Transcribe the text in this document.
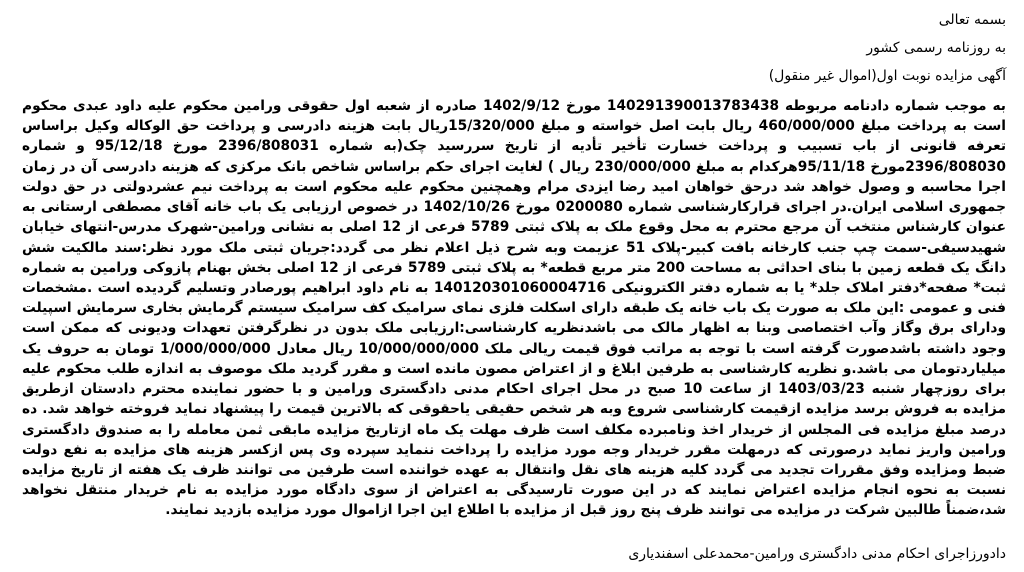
بسمه تعالی
به روزنامه رسمی کشور
آگهی مزایده نوبت اول(اموال غیر منقول)
به موجب شماره دادنامه مربوطه 140291390013783438 مورخ 1402/9/12 صادره از شعبه اول حقوقی ورامین محکوم علیه داود عبدی محکوم است به پرداخت مبلغ 460/000/000 ریال بابت اصل خواسته و مبلغ 15/320/000ریال بابت هزینه دادرسی و پرداخت حق الوکاله وکیل براساس تعرفه قانونی از باب تسبیب و پرداخت خسارت تأخیر تأدیه از تاریخ سررسید چک(به شماره 2396/808031 مورخ 95/12/18 و شماره 2396/808030مورخ 95/11/18هرکدام به مبلغ 230/000/000 ریال ) لغایت اجرای حکم براساس شاخص بانک مرکزی که هزینه دادرسی آن در زمان اجرا محاسبه و وصول خواهد شد درحق خواهان امید رضا ایزدی مرام وهمچنین محکوم علیه محکوم است به پرداخت نیم عشردولتی در حق دولت جمهوری اسلامی ایران.در اجرای قرارکارشناسی شماره 0200080 مورخ 1402/10/26 در خصوص ارزیابی یک باب خانه آقای مصطفی ارستانی به عنوان کارشناس منتخب آن مرجع محترم به محل وقوع ملک به پلاک ثبتی 5789 فرعی از 12 اصلی به نشانی ورامین-شهرک مدرس-انتهای خیابان شهیدسیفی-سمت چپ جنب کارخانه بافت کبیر-پلاک 51 عزیمت وبه شرح ذیل اعلام نظر می گردد:جریان ثبتی ملک مورد نظر:سند مالکیت شش دانگ یک قطعه زمین با بنای احداثی به مساحت 200 متر مربع قطعه* به پلاک ثبتی 5789 فرعی از 12 اصلی بخش بهنام پازوکی ورامین به شماره ثبت* صفحه*دفتر املاک جلد* یا به شماره دفتر الکترونیکی 140120301060004716 به نام داود ابراهیم پورصادر وتسلیم گردیده است .مشخصات فنی و عمومی :این ملک به صورت یک باب خانه یک طبقه دارای اسکلت فلزی نمای سرامیک کف سرامیک سیستم گرمایش بخاری سرمایش اسپیلت ودارای برق وگاز وآب اختصاصی وبنا به اظهار مالک می باشدنظریه کارشناسی:ارزیابی ملک بدون در نظرگرفتن تعهدات ودیونی که ممکن است وجود داشته باشدصورت گرفته است با توجه به مراتب فوق قیمت ریالی ملک 10/000/000/000 ریال معادل 1/000/000/000 تومان به حروف یک میلیاردتومان می باشد.و نظریه کارشناسی به طرفین ابلاغ و از اعتراض مصون مانده است و مقرر گردید ملک موصوف به اندازه طلب محکوم علیه برای روزچهار شنبه 1403/03/23 از ساعت 10 صبح در محل اجرای احکام مدنی دادگستری ورامین و با حضور نماینده محترم دادستان ازطریق مزایده به فروش برسد مزایده ازقیمت کارشناسی شروع وبه هر شخص حقیقی یاحقوقی که بالاترین قیمت را پیشنهاد نماید فروخته خواهد شد. ده درصد مبلغ مزایده فی المجلس از خریدار اخذ ونامبرده مکلف است ظرف مهلت یک ماه ازتاریخ مزایده مابقی ثمن معامله را به صندوق دادگستری ورامین واریز نماید درصورتی که درمهلت مقرر خریدار وجه مورد مزایده را پرداخت ننماید سپرده وی پس ازکسر هزینه های مزایده به نفع دولت ضبط ومزایده وفق مقررات تجدید می گردد کلیه هزینه های نقل وانتقال به عهده خواننده است طرفین می توانند ظرف یک هفته از تاریخ مزایده نسبت به نحوه انجام مزایده اعتراض نمایند که در این صورت تارسیدگی به اعتراض از سوی دادگاه مورد مزایده به نام خریدار منتقل نخواهد شد،ضمناً طالبین شرکت در مزایده می توانند ظرف پنج روز قبل از مزایده با اطلاع این اجرا ازاموال مورد مزایده بازدید نمایند.
دادورزاجرای احکام مدنی دادگستری ورامین-محمدعلی اسفندیاری
